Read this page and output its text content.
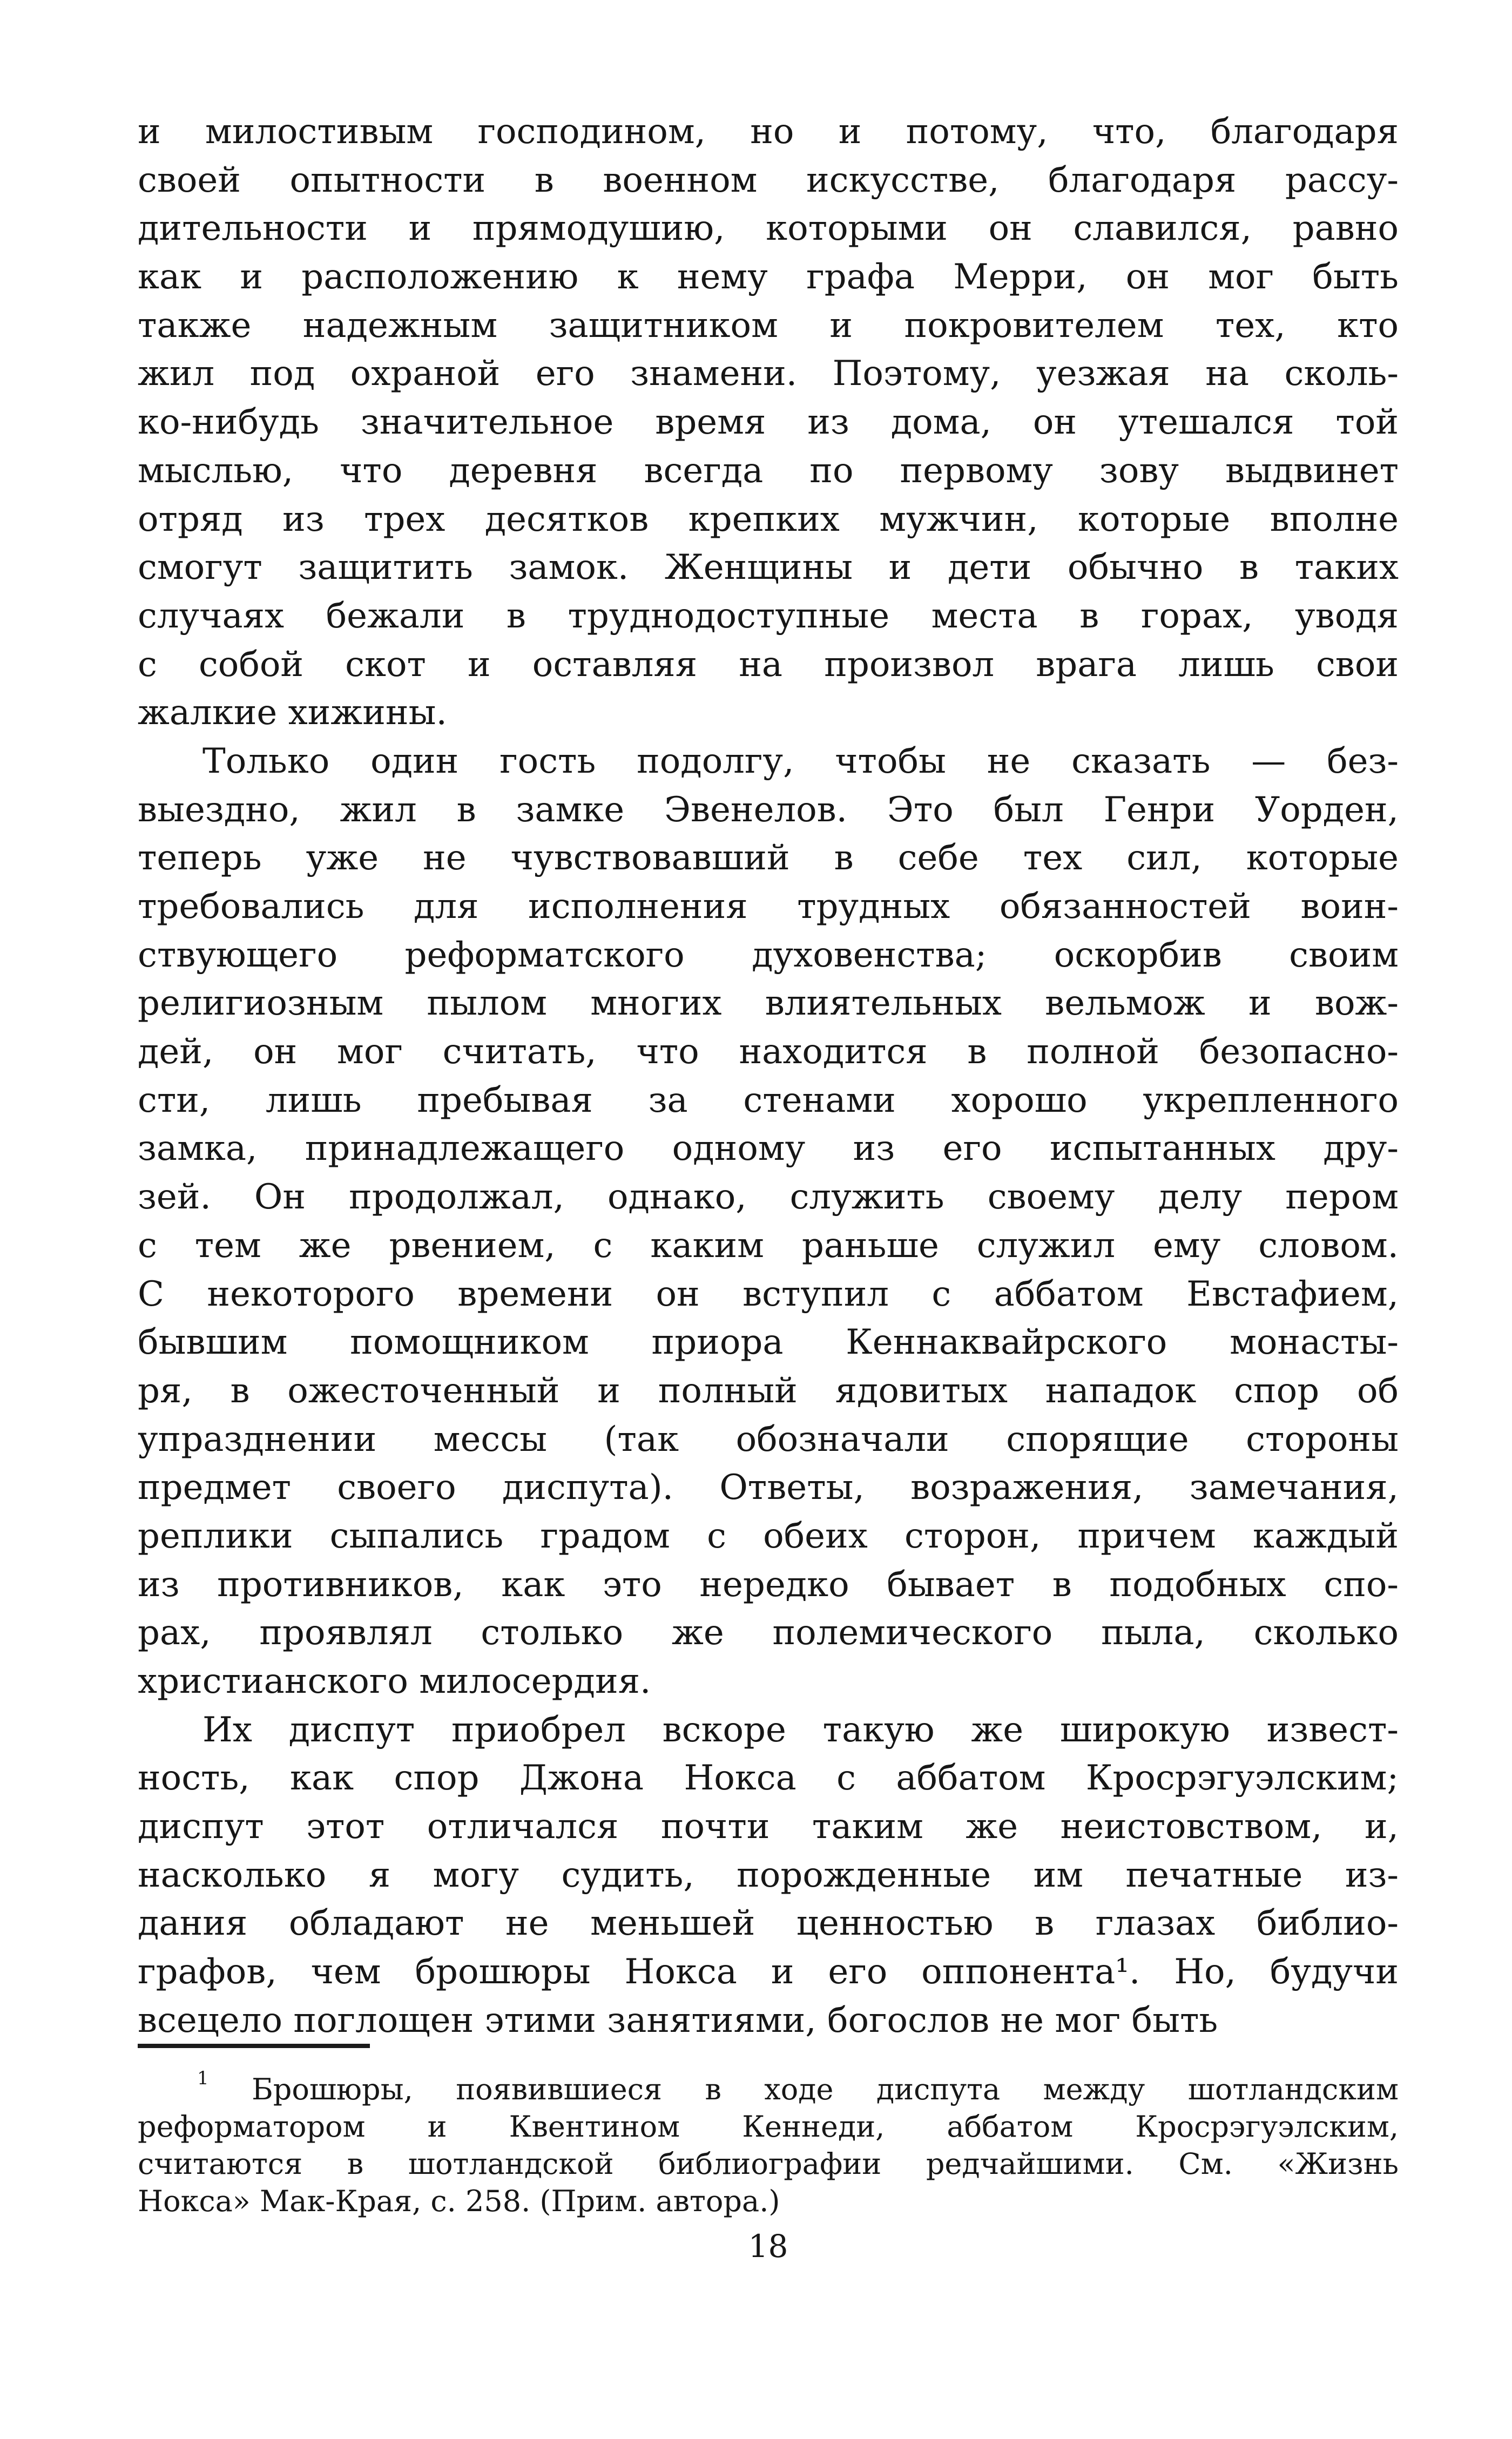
и милостивым господином, но и потому, что, благодаря
своей опытности в военном искусстве, благодаря рассу-
дительности и прямодушию, которыми он славился, равно
как и расположению к нему графа Мерри, он мог быть
также надежным защитником и покровителем тех, кто
жил под охраной его знамени. Поэтому, уезжая на сколь-
ко-нибудь значительное время из дома, он утешался той
мыслью, что деревня всегда по первому зову выдвинет
отряд из трех десятков крепких мужчин, которые вполне
смогут защитить замок. Женщины и дети обычно в таких
случаях бежали в труднодоступные места в горах, уводя
с собой скот и оставляя на произвол врага лишь свои
жалкие хижины.
Только один гость подолгу, чтобы не сказать — без-
выездно, жил в замке Эвенелов. Это был Генри Уорден,
теперь уже не чувствовавший в себе тех сил, которые
требовались для исполнения трудных обязанностей воин-
ствующего реформатского духовенства; оскорбив своим
религиозным пылом многих влиятельных вельмож и вож-
дей, он мог считать, что находится в полной безопасно-
сти, лишь пребывая за стенами хорошо укрепленного
замка, принадлежащего одному из его испытанных дру-
зей. Он продолжал, однако, служить своему делу пером
с тем же рвением, с каким раньше служил ему словом.
С некоторого времени он вступил с аббатом Евстафием,
бывшим помощником приора Кеннаквайрского монасты-
ря, в ожесточенный и полный ядовитых нападок спор об
упразднении мессы (так обозначали спорящие стороны
предмет своего диспута). Ответы, возражения, замечания,
реплики сыпались градом с обеих сторон, причем каждый
из противников, как это нередко бывает в подобных спо-
рах, проявлял столько же полемического пыла, сколько
христианского милосердия.
Их диспут приобрел вскоре такую же широкую извест-
ность, как спор Джона Нокса с аббатом Кросрэгуэлским;
диспут этот отличался почти таким же неистовством, и,
насколько я могу судить, порожденные им печатные из-
дания обладают не меньшей ценностью в глазах библио-
графов, чем брошюры Нокса и его оппонента¹. Но, будучи
всецело поглощен этими занятиями, богослов не мог быть
$^1$ Брошюры, появившиеся в ходе диспута между шотландским
реформатором и Квентином Кеннеди, аббатом Кросрэгуэлским,
считаются в шотландской библиографии редчайшими. См. «Жизнь
Нокса» Мак-Края, с. 258. (Прим. автора.)
18
